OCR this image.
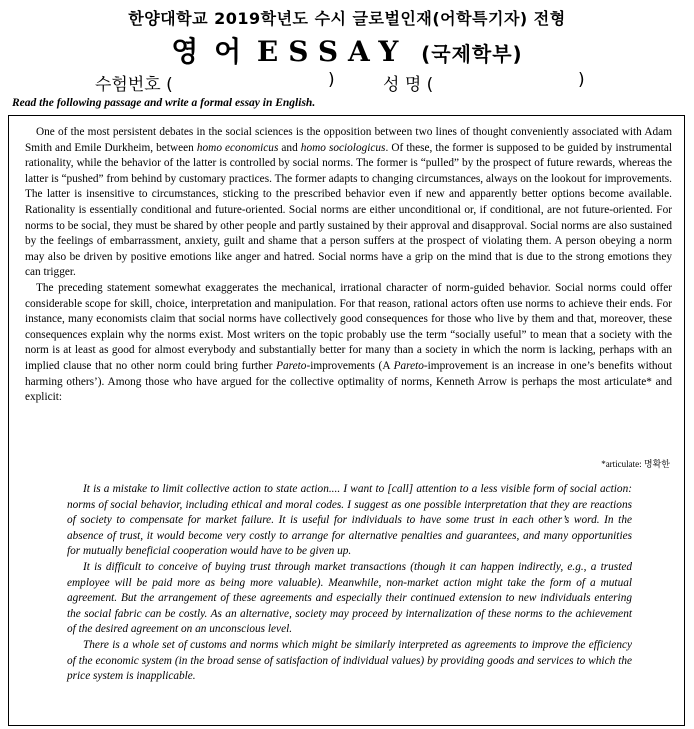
한양대학교 2019학년도 수시 글로벌인재(어학특기자) 전형
영 어 ESSAY (국제학부)
수험번호 (	)	성 명 (	)
Read the following passage and write a formal essay in English.

One of the most persistent debates in the social sciences is the opposition between two lines of thought conveniently associated with Adam Smith and Emile Durkheim, between homo economicus and homo sociologicus. Of these, the former is supposed to be guided by instrumental rationality, while the behavior of the latter is controlled by social norms. The former is “pulled” by the prospect of future rewards, whereas the latter is “pushed” from behind by customary practices. The former adapts to changing circumstances, always on the lookout for improvements. The latter is insensitive to circumstances, sticking to the prescribed behavior even if new and apparently better options become available. Rationality is essentially conditional and future-oriented. Social norms are either unconditional or, if conditional, are not future-oriented. For norms to be social, they must be shared by other people and partly sustained by their approval and disapproval. Social norms are also sustained by the feelings of embarrassment, anxiety, guilt and shame that a person suffers at the prospect of violating them. A person obeying a norm may also be driven by positive emotions like anger and hatred. Social norms have a grip on the mind that is due to the strong emotions they can trigger.

The preceding statement somewhat exaggerates the mechanical, irrational character of norm-guided behavior. Social norms could offer considerable scope for skill, choice, interpretation and manipulation. For that reason, rational actors often use norms to achieve their ends. For instance, many economists claim that social norms have collectively good consequences for those who live by them and that, moreover, these consequences explain why the norms exist. Most writers on the topic probably use the term “socially useful” to mean that a society with the norm is at least as good for almost everybody and substantially better for many than a society in which the norm is lacking, perhaps with an implied clause that no other norm could bring further Pareto-improvements (A Pareto-improvement is an increase in one’s benefits without harming others’). Among those who have argued for the collective optimality of norms, Kenneth Arrow is perhaps the most articulate* and explicit:

*articulate: 명확한

It is a mistake to limit collective action to state action.... I want to [call] attention to a less visible form of social action: norms of social behavior, including ethical and moral codes. I suggest as one possible interpretation that they are reactions of society to compensate for market failure. It is useful for individuals to have some trust in each other’s word. In the absence of trust, it would become very costly to arrange for alternative penalties and guarantees, and many opportunities for mutually beneficial cooperation would have to be given up.

It is difficult to conceive of buying trust through market transactions (though it can happen indirectly, e.g., a trusted employee will be paid more as being more valuable). Meanwhile, non-market action might take the form of a mutual agreement. But the arrangement of these agreements and especially their continued extension to new individuals entering the social fabric can be costly. As an alternative, society may proceed by internalization of these norms to the achievement of the desired agreement on an unconscious level.

There is a whole set of customs and norms which might be similarly interpreted as agreements to improve the efficiency of the economic system (in the broad sense of satisfaction of individual values) by providing goods and services to which the price system is inapplicable.
